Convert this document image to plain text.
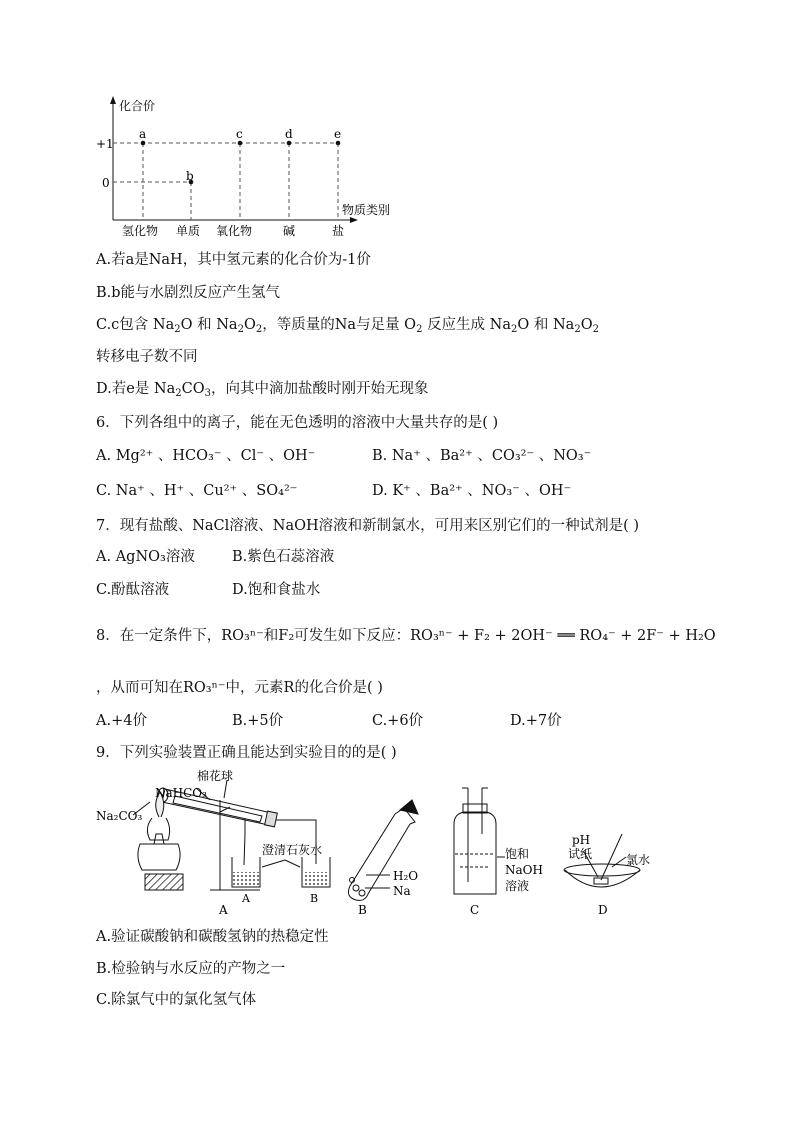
化合价
物质类别
+1
0
a
b
c	d	e
氢化物 单质 氧化物	碱	盐
A.若a是NaH，其中氢元素的化合价为-1价
B.b能与水剧烈反应产生氢气
C.c包含 $Na_2O$ 和 $Na_2O_2$，等质量的Na与足量 $O_2$ 反应生成 $Na_2O$ 和 $Na_2O_2$
转移电子数不同
D.若e是 $Na_2CO_3$，向其中滴加盐酸时刚开始无现象
6．下列各组中的离子，能在无色透明的溶液中大量共存的是( )
A. Mg²⁺ 、HCO₃⁻ 、Cl⁻ 、OH⁻	B. Na⁺ 、Ba²⁺ 、CO₃²⁻ 、NO₃⁻
C. Na⁺ 、H⁺ 、Cu²⁺ 、SO₄²⁻	D. K⁺ 、Ba²⁺ 、NO₃⁻ 、OH⁻
7．现有盐酸、NaCl溶液、NaOH溶液和新制氯水，可用来区别它们的一种试剂是( )
A. AgNO₃溶液	B.紫色石蕊溶液
C.酚酞溶液	D.饱和食盐水
8．在一定条件下，RO₃ⁿ⁻和F₂可发生如下反应：RO₃ⁿ⁻ + F₂ + 2OH⁻ ══ RO₄⁻ + 2F⁻ + H₂O
，从而可知在RO₃ⁿ⁻中，元素R的化合价是( )
A.+4价	B.+5价	C.+6价	D.+7价
9．下列实验装置正确且能达到实验目的的是( )
棉花球
NaHCO₃
Na₂CO₃
澄清石灰水
A	B
A
H₂O
Na
B
饱和
NaOH
溶液
C
pH
试纸	氯水
D
A.验证碳酸钠和碳酸氢钠的热稳定性
B.检验钠与水反应的产物之一
C.除氯气中的氯化氢气体
